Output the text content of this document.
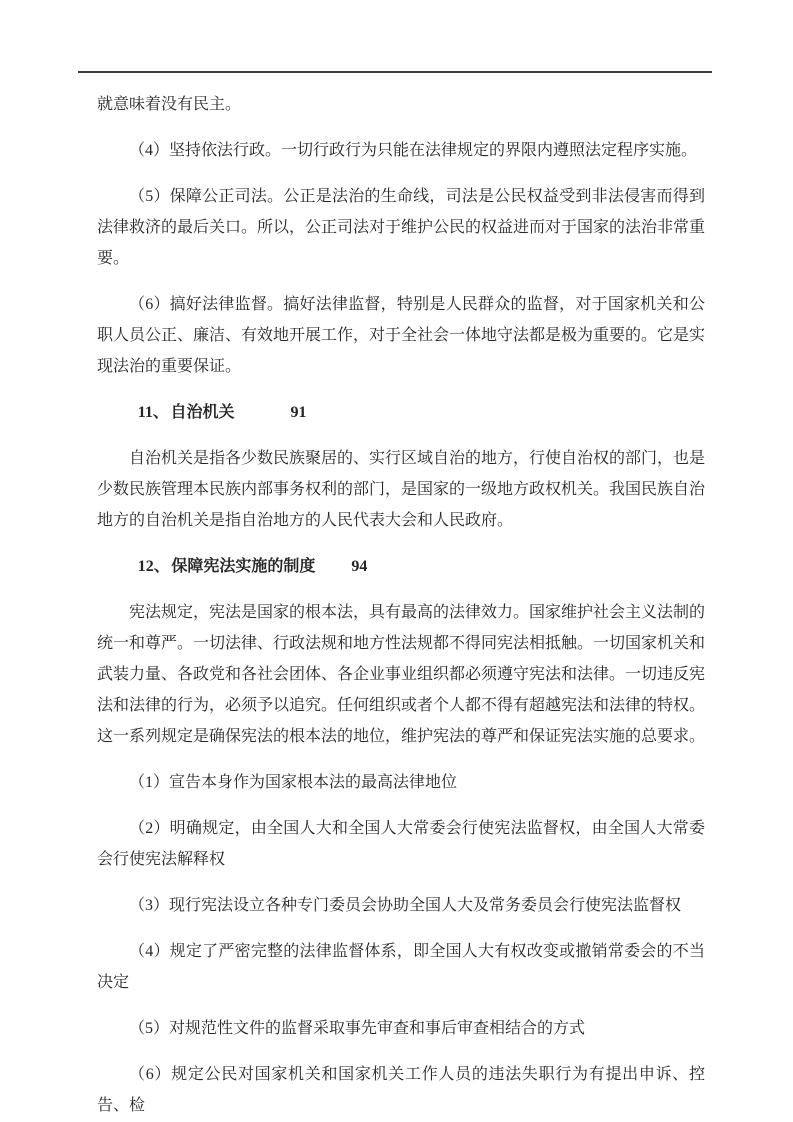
就意味着没有民主。

（4）坚持依法行政。一切行政行为只能在法律规定的界限内遵照法定程序实施。

（5）保障公正司法。公正是法治的生命线，司法是公民权益受到非法侵害而得到法律救济的最后关口。所以，公正司法对于维护公民的权益进而对于国家的法治非常重要。

（6）搞好法律监督。搞好法律监督，特别是人民群众的监督，对于国家机关和公职人员公正、廉洁、有效地开展工作，对于全社会一体地守法都是极为重要的。它是实现法治的重要保证。

11、自治机关	91

自治机关是指各少数民族聚居的、实行区域自治的地方，行使自治权的部门，也是少数民族管理本民族内部事务权利的部门，是国家的一级地方政权机关。我国民族自治地方的自治机关是指自治地方的人民代表大会和人民政府。

12、保障宪法实施的制度 94

宪法规定，宪法是国家的根本法，具有最高的法律效力。国家维护社会主义法制的统一和尊严。一切法律、行政法规和地方性法规都不得同宪法相抵触。一切国家机关和武装力量、各政党和各社会团体、各企业事业组织都必须遵守宪法和法律。一切违反宪法和法律的行为，必须予以追究。任何组织或者个人都不得有超越宪法和法律的特权。这一系列规定是确保宪法的根本法的地位，维护宪法的尊严和保证宪法实施的总要求。

（1）宣告本身作为国家根本法的最高法律地位

（2）明确规定，由全国人大和全国人大常委会行使宪法监督权，由全国人大常委会行使宪法解释权

（3）现行宪法设立各种专门委员会协助全国人大及常务委员会行使宪法监督权

（4）规定了严密完整的法律监督体系，即全国人大有权改变或撤销常委会的不当决定

（5）对规范性文件的监督采取事先审查和事后审查相结合的方式

（6）规定公民对国家机关和国家机关工作人员的违法失职行为有提出申诉、控告、检
